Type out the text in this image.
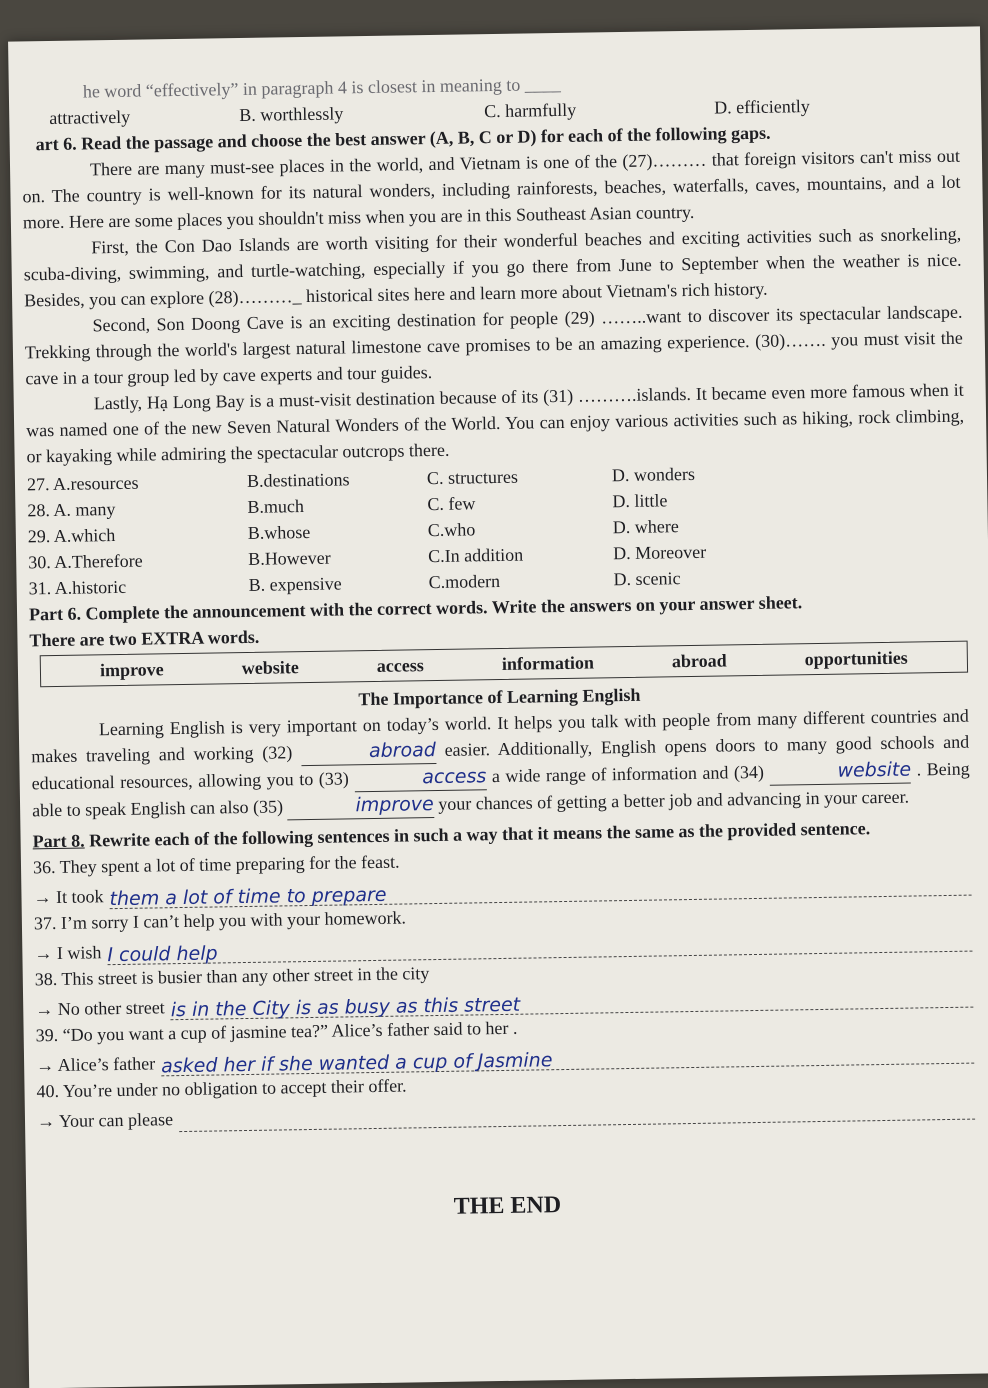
he word “effectively” in paragraph 4 is closest in meaning to ____

attractively	B. worthlessly	C. harmfully	D. efficiently

art 6. Read the passage and choose the best answer (A, B, C or D) for each of the following gaps.

There are many must-see places in the world, and Vietnam is one of the (27)……… that foreign visitors can't miss out on. The country is well-known for its natural wonders, including rainforests, beaches, waterfalls, caves, mountains, and a lot more. Here are some places you shouldn't miss when you are in this Southeast Asian country.

First, the Con Dao Islands are worth visiting for their wonderful beaches and exciting activities such as snorkeling, scuba-diving, swimming, and turtle-watching, especially if you go there from June to September when the weather is nice. Besides, you can explore (28)………_ historical sites here and learn more about Vietnam's rich history.

Second, Son Doong Cave is an exciting destination for people (29) ……..want to discover its spectacular landscape. Trekking through the world's largest natural limestone cave promises to be an amazing experience. (30)……. you must visit the cave in a tour group led by cave experts and tour guides.

Lastly, Hạ Long Bay is a must-visit destination because of its (31) ……….islands. It became even more famous when it was named one of the new Seven Natural Wonders of the World. You can enjoy various activities such as hiking, rock climbing, or kayaking while admiring the spectacular outcrops there.

27. A.resources	B.destinations	C. structures	D. wonders
28. A. many	B.much	C. few	D. little
29. A.which	B.whose	C.who	D. where
30. A.Therefore	B.However	C.In addition	D. Moreover
31. A.historic	B. expensive	C.modern	D. scenic

Part 6. Complete the announcement with the correct words. Write the answers on your answer sheet.

There are two EXTRA words.

improve	website	access	information	abroad	opportunities

The Importance of Learning English

Learning English is very important on today’s world. It helps you talk with people from many different countries and makes traveling and working (32)	abroad easier. Additionally, English opens doors to many good schools and educational resources, allowing you to (33)	access a wide range of information and (34)	website . Being able to speak English can also (35)	improve your chances of getting a better job and advancing in your career.

Part 8. Rewrite each of the following sentences in such a way that it means the same as the provided sentence.

36. They spent a lot of time preparing for the feast.
→ It took them a lot of time to prepare
37. I’m sorry I can’t help you with your homework.
→ I wish I could help
38. This street is busier than any other street in the city
→ No other street is in the City is as busy as this street
39. “Do you want a cup of jasmine tea?” Alice’s father said to her .
→ Alice’s father asked her if she wanted a cup of Jasmine
40. You’re under no obligation to accept their offer.
→ Your can please
THE END
